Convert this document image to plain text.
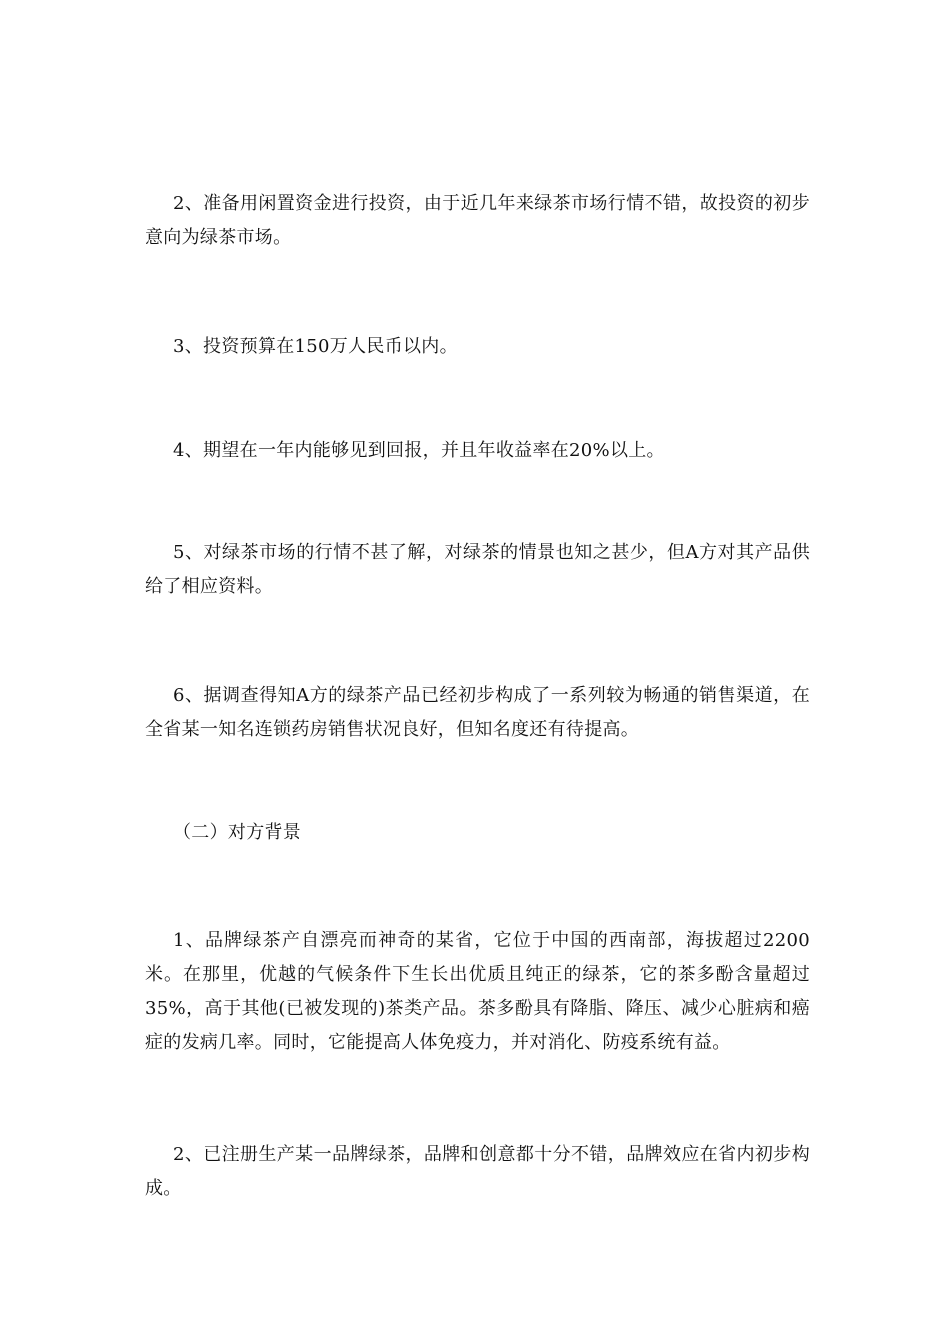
2、准备用闲置资金进行投资，由于近几年来绿茶市场行情不错，故投资的初步意向为绿茶市场。

3、投资预算在150万人民币以内。

4、期望在一年内能够见到回报，并且年收益率在20%以上。

5、对绿茶市场的行情不甚了解，对绿茶的情景也知之甚少，但A方对其产品供给了相应资料。

6、据调查得知A方的绿茶产品已经初步构成了一系列较为畅通的销售渠道，在全省某一知名连锁药房销售状况良好，但知名度还有待提高。

（二）对方背景

1、品牌绿茶产自漂亮而神奇的某省，它位于中国的西南部，海拔超过2200米。在那里，优越的气候条件下生长出优质且纯正的绿茶，它的茶多酚含量超过35%，高于其他(已被发现的)茶类产品。茶多酚具有降脂、降压、减少心脏病和癌症的发病几率。同时，它能提高人体免疫力，并对消化、防疫系统有益。

2、已注册生产某一品牌绿茶，品牌和创意都十分不错，品牌效应在省内初步构成。
